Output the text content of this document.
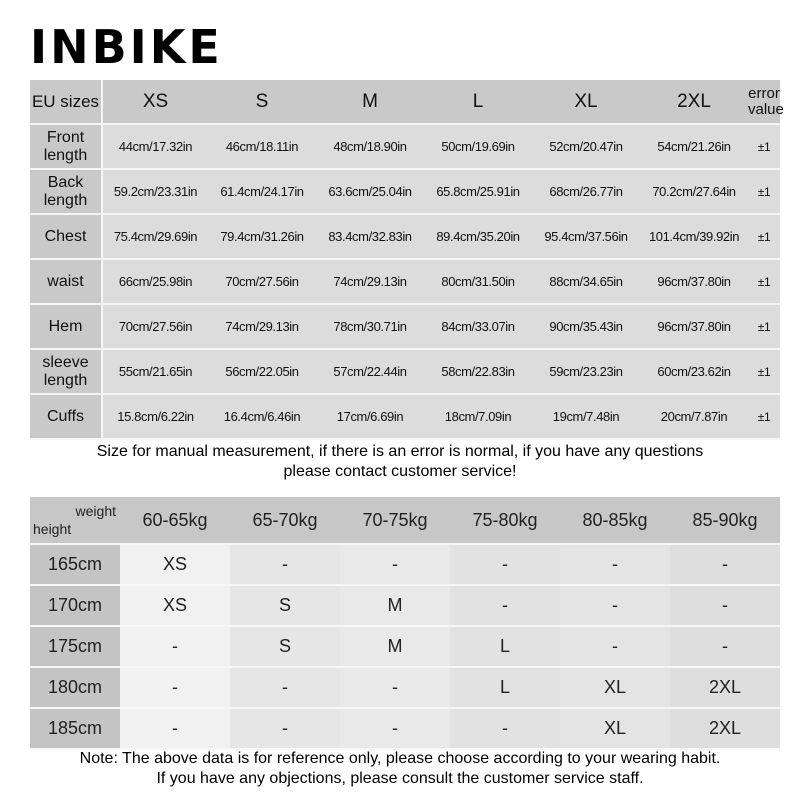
INBIKE
EU sizes	XS	S	M	L	XL	2XL	error value
Front length	44cm/17.32in	46cm/18.11in	48cm/18.90in	50cm/19.69in	52cm/20.47in	54cm/21.26in	±1
Back length	59.2cm/23.31in	61.4cm/24.17in	63.6cm/25.04in	65.8cm/25.91in	68cm/26.77in	70.2cm/27.64in	±1
Chest	75.4cm/29.69in	79.4cm/31.26in	83.4cm/32.83in	89.4cm/35.20in	95.4cm/37.56in	101.4cm/39.92in	±1
waist	66cm/25.98in	70cm/27.56in	74cm/29.13in	80cm/31.50in	88cm/34.65in	96cm/37.80in	±1
Hem	70cm/27.56in	74cm/29.13in	78cm/30.71in	84cm/33.07in	90cm/35.43in	96cm/37.80in	±1
sleeve length	55cm/21.65in	56cm/22.05in	57cm/22.44in	58cm/22.83in	59cm/23.23in	60cm/23.62in	±1
Cuffs	15.8cm/6.22in	16.4cm/6.46in	17cm/6.69in	18cm/7.09in	19cm/7.48in	20cm/7.87in	±1
Size for manual measurement, if there is an error is normal, if you have any questions
please contact customer service!
weight
height	60-65kg	65-70kg	70-75kg	75-80kg	80-85kg	85-90kg
165cm	XS	-	-	-	-	-
170cm	XS	S	M	-	-	-
175cm	-	S	M	L	-	-
180cm	-	-	-	L	XL	2XL
185cm	-	-	-	-	XL	2XL
Note: The above data is for reference only, please choose according to your wearing habit.
If you have any objections, please consult the customer service staff.
